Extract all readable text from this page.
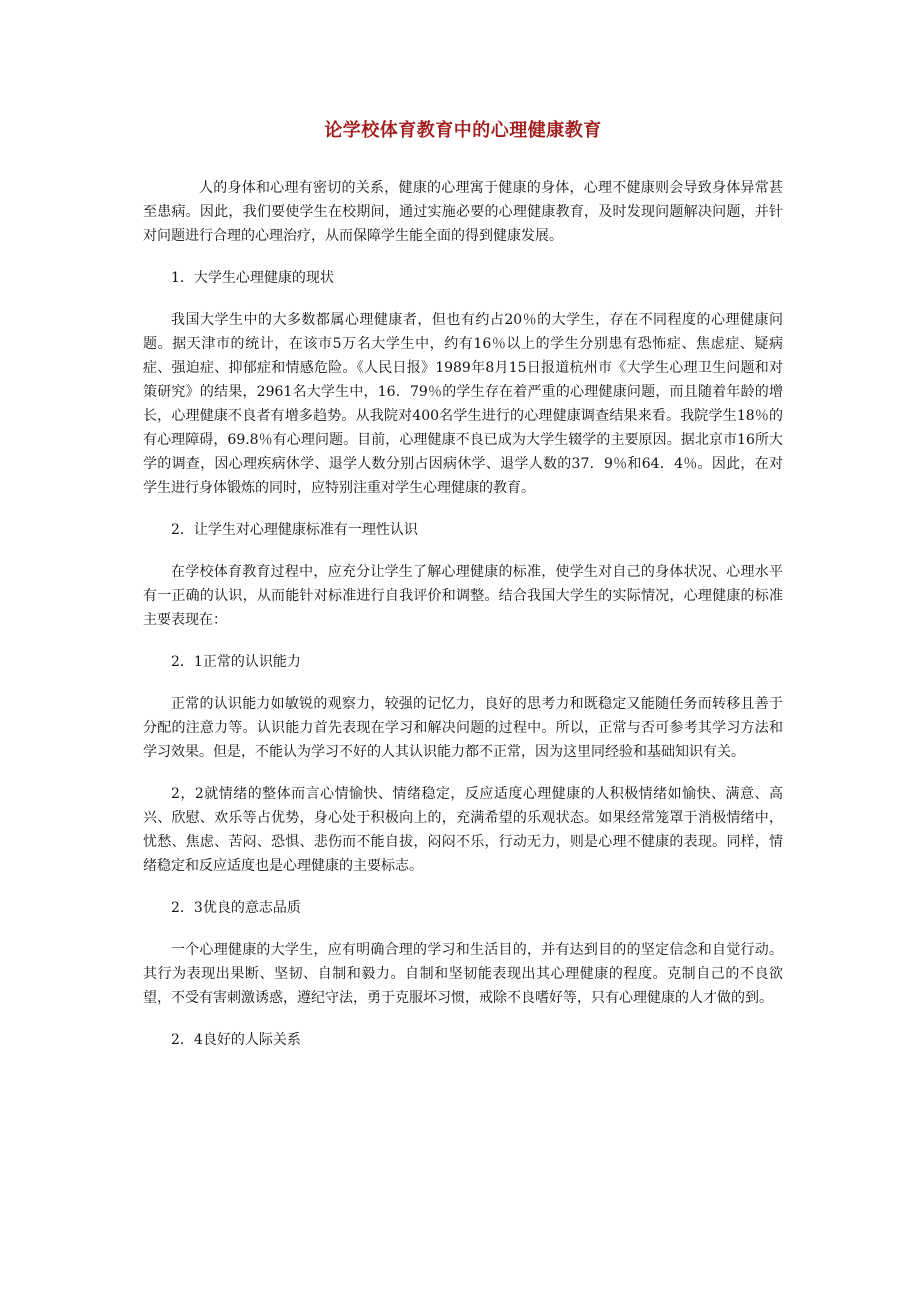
论学校体育教育中的心理健康教育

人的身体和心理有密切的关系，健康的心理寓于健康的身体，心理不健康则会导致身体异常甚至患病。因此，我们要使学生在校期间，通过实施必要的心理健康教育，及时发现问题解决问题，并针对问题进行合理的心理治疗，从而保障学生能全面的得到健康发展。

1．大学生心理健康的现状

我国大学生中的大多数都属心理健康者，但也有约占20％的大学生，存在不同程度的心理健康问题。据天津市的统计，在该市5万名大学生中，约有16％以上的学生分别患有恐怖症、焦虑症、疑病症、强迫症、抑郁症和情感危险。《人民日报》1989年8月15日报道杭州市《大学生心理卫生问题和对策研究》的结果，2961名大学生中，16．79％的学生存在着严重的心理健康问题，而且随着年龄的增长，心理健康不良者有增多趋势。从我院对400名学生进行的心理健康调查结果来看。我院学生18％的有心理障碍，69.8％有心理问题。目前，心理健康不良已成为大学生辍学的主要原因。据北京市16所大学的调查，因心理疾病休学、退学人数分别占因病休学、退学人数的37．9％和64．4％。因此，在对学生进行身体锻炼的同时，应特别注重对学生心理健康的教育。

2．让学生对心理健康标准有一理性认识

在学校体育教育过程中，应充分让学生了解心理健康的标准，使学生对自己的身体状况、心理水平有一正确的认识，从而能针对标准进行自我评价和调整。结合我国大学生的实际情况，心理健康的标准主要表现在：

2．1正常的认识能力

正常的认识能力如敏锐的观察力，较强的记忆力，良好的思考力和既稳定又能随任务而转移且善于分配的注意力等。认识能力首先表现在学习和解决问题的过程中。所以，正常与否可参考其学习方法和学习效果。但是，不能认为学习不好的人其认识能力都不正常，因为这里同经验和基础知识有关。

2，2就情绪的整体而言心情愉快、情绪稳定，反应适度心理健康的人积极情绪如愉快、满意、高兴、欣慰、欢乐等占优势，身心处于积极向上的，充满希望的乐观状态。如果经常笼罩于消极情绪中，忧愁、焦虑、苦闷、恐惧、悲伤而不能自拔，闷闷不乐，行动无力，则是心理不健康的表现。同样，情绪稳定和反应适度也是心理健康的主要标志。

2．3优良的意志品质

一个心理健康的大学生，应有明确合理的学习和生活目的，并有达到目的的坚定信念和自觉行动。其行为表现出果断、坚韧、自制和毅力。自制和坚韧能表现出其心理健康的程度。克制自己的不良欲望，不受有害刺激诱惑，遵纪守法，勇于克服坏习惯，戒除不良嗜好等，只有心理健康的人才做的到。

2．4良好的人际关系
